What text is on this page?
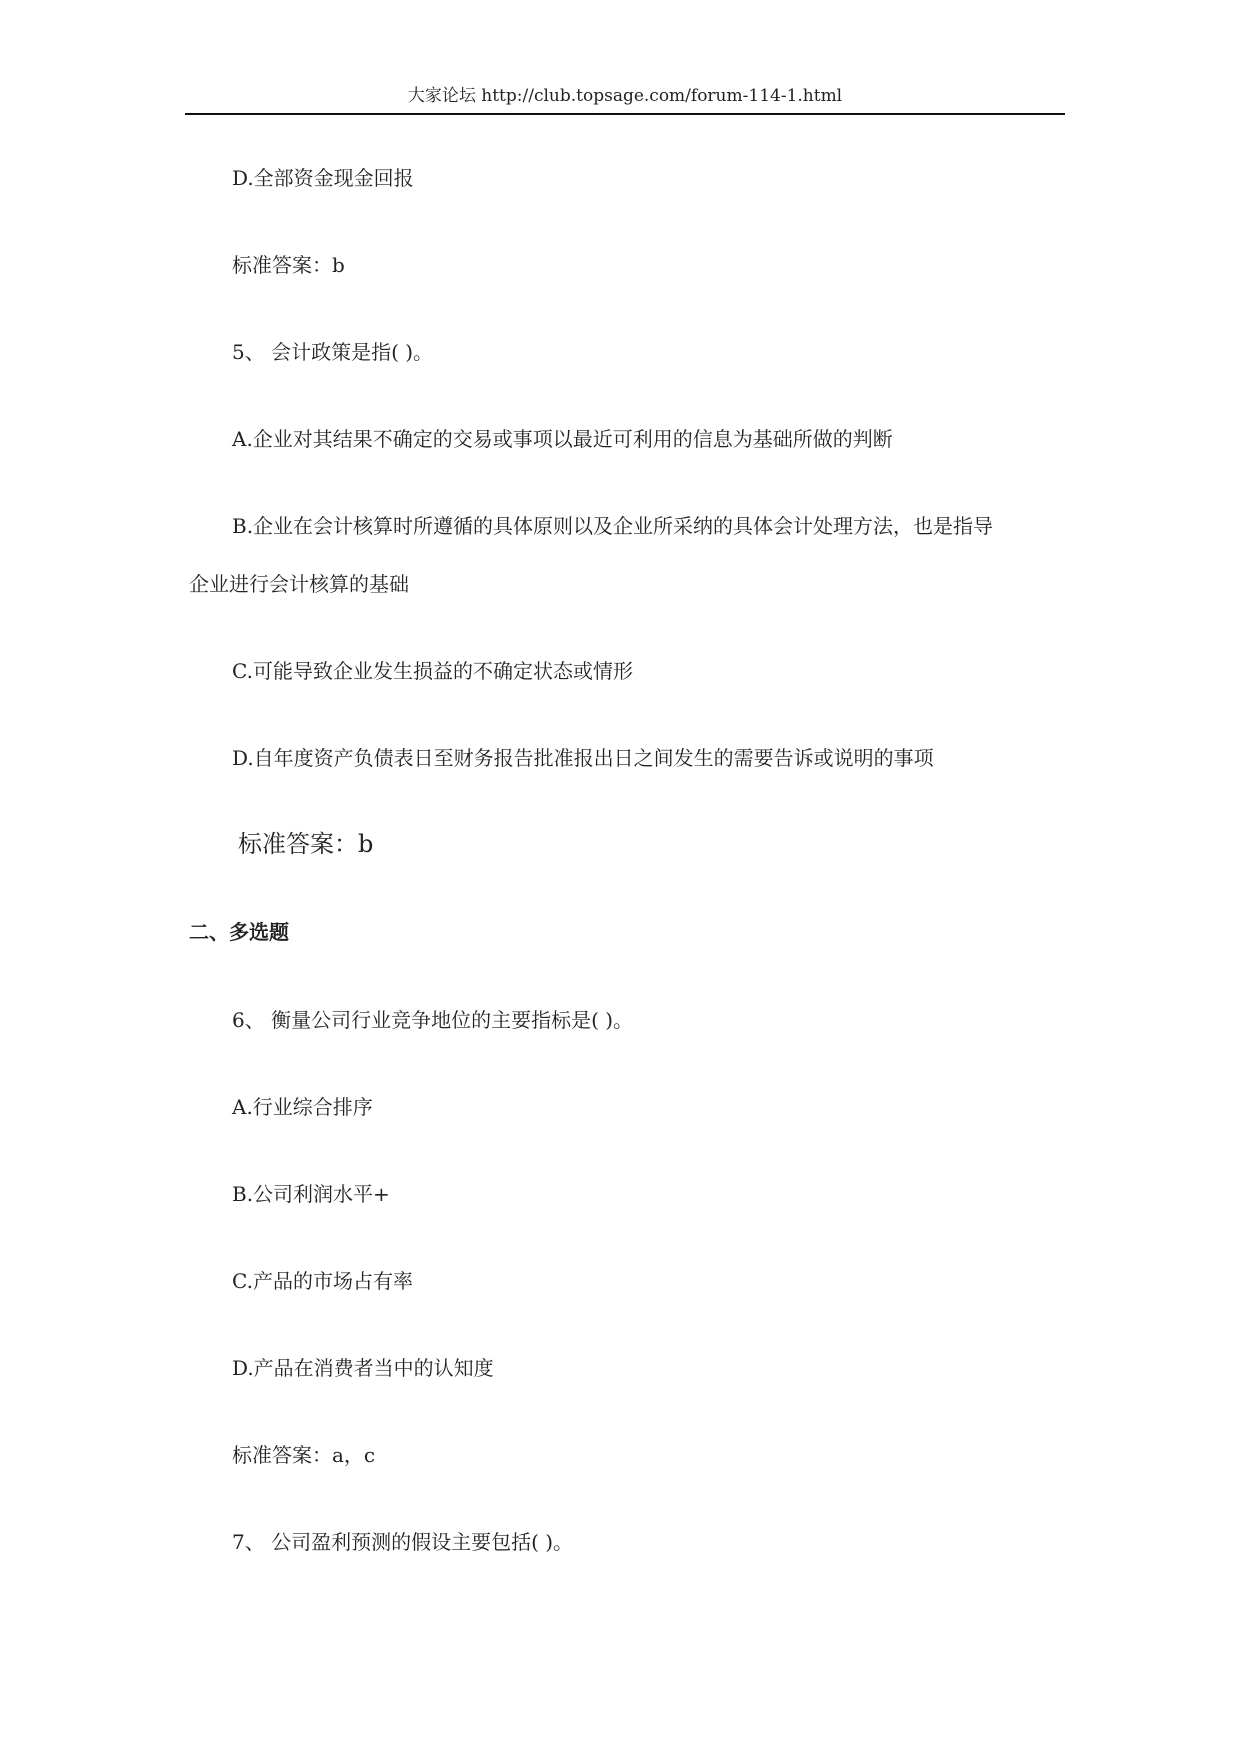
大家论坛 http://club.topsage.com/forum-114-1.html
D.全部资金现金回报
标准答案：b
5、 会计政策是指( )。
A.企业对其结果不确定的交易或事项以最近可利用的信息为基础所做的判断
B.企业在会计核算时所遵循的具体原则以及企业所采纳的具体会计处理方法，也是指导
企业进行会计核算的基础
C.可能导致企业发生损益的不确定状态或情形
D.自年度资产负债表日至财务报告批准报出日之间发生的需要告诉或说明的事项
标准答案：b
二、多选题
6、 衡量公司行业竞争地位的主要指标是( )。
A.行业综合排序
B.公司利润水平+
C.产品的市场占有率
D.产品在消费者当中的认知度
标准答案：a，c
7、 公司盈利预测的假设主要包括( )。
